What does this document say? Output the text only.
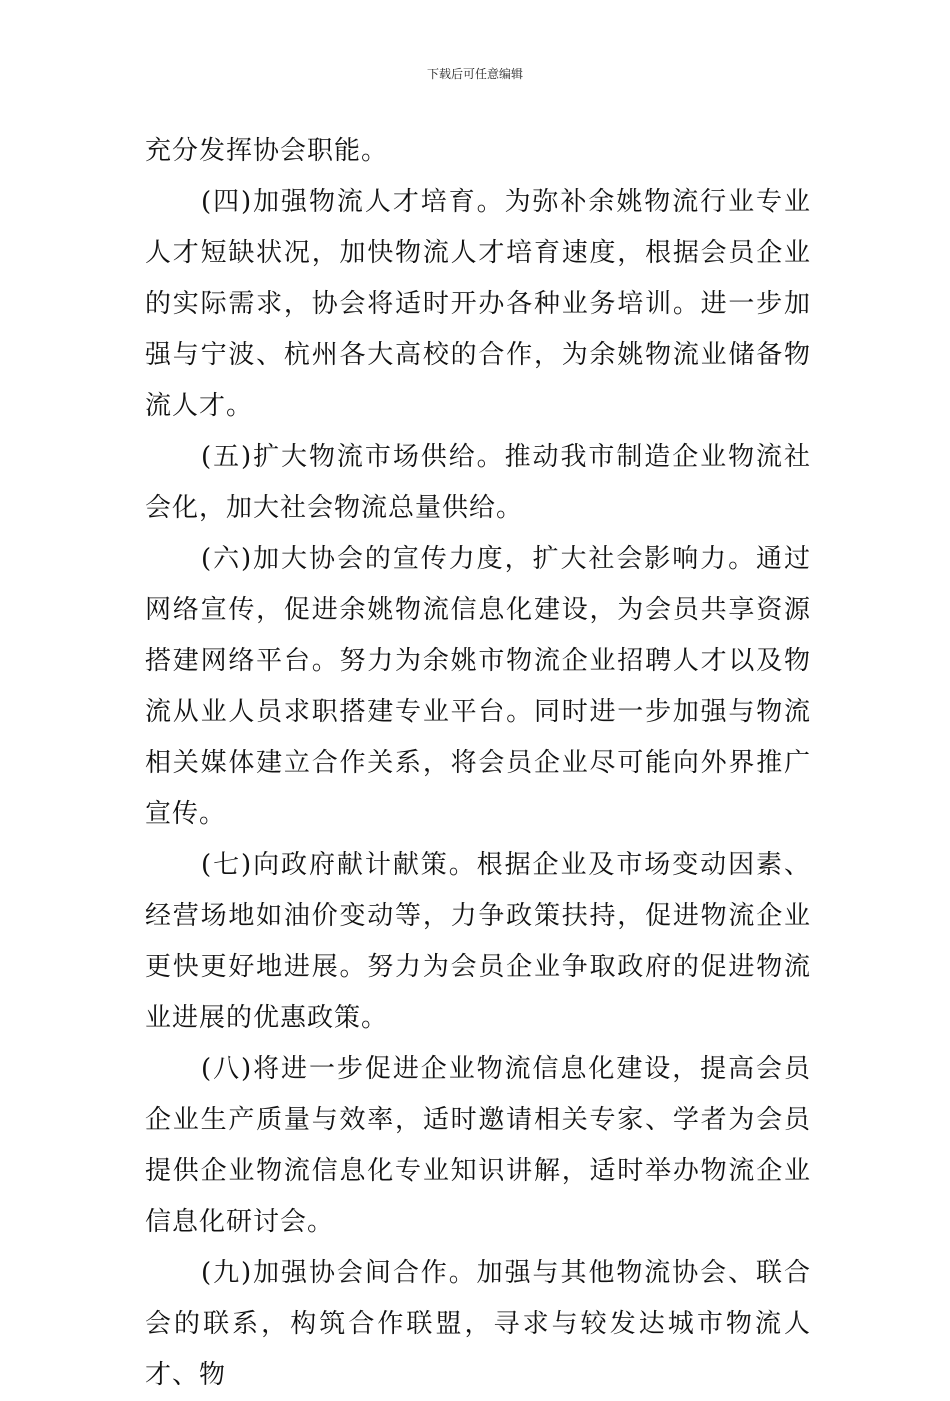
下载后可任意编辑

充分发挥协会职能。

(四)加强物流人才培育。为弥补余姚物流行业专业人才短缺状况，加快物流人才培育速度，根据会员企业的实际需求，协会将适时开办各种业务培训。进一步加强与宁波、杭州各大高校的合作，为余姚物流业储备物流人才。

(五)扩大物流市场供给。推动我市制造企业物流社会化，加大社会物流总量供给。

(六)加大协会的宣传力度，扩大社会影响力。通过网络宣传，促进余姚物流信息化建设，为会员共享资源搭建网络平台。努力为余姚市物流企业招聘人才以及物流从业人员求职搭建专业平台。同时进一步加强与物流相关媒体建立合作关系，将会员企业尽可能向外界推广宣传。

(七)向政府献计献策。根据企业及市场变动因素、经营场地如油价变动等，力争政策扶持，促进物流企业更快更好地进展。努力为会员企业争取政府的促进物流业进展的优惠政策。

(八)将进一步促进企业物流信息化建设，提高会员企业生产质量与效率，适时邀请相关专家、学者为会员提供企业物流信息化专业知识讲解，适时举办物流企业信息化研讨会。

(九)加强协会间合作。加强与其他物流协会、联合会的联系，构筑合作联盟，寻求与较发达城市物流人才、物
